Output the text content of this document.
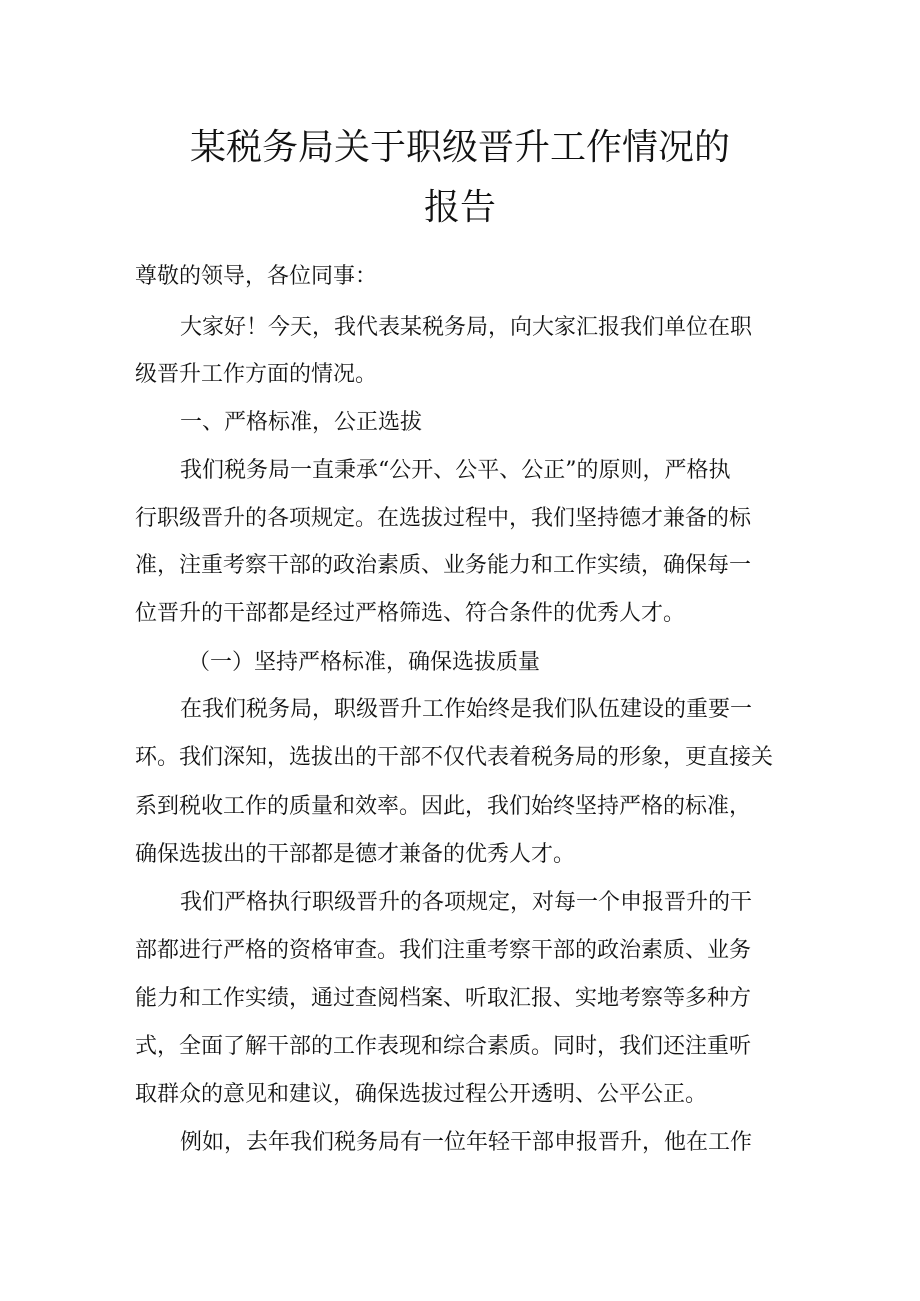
某税务局关于职级晋升工作情况的
报告
尊敬的领导，各位同事：
大家好！今天，我代表某税务局，向大家汇报我们单位在职
级晋升工作方面的情况。
一、严格标准，公正选拔
我们税务局一直秉承“公开、公平、公正”的原则，严格执
行职级晋升的各项规定。在选拔过程中，我们坚持德才兼备的标
准，注重考察干部的政治素质、业务能力和工作实绩，确保每一
位晋升的干部都是经过严格筛选、符合条件的优秀人才。
（一）坚持严格标准，确保选拔质量
在我们税务局，职级晋升工作始终是我们队伍建设的重要一
环。我们深知，选拔出的干部不仅代表着税务局的形象，更直接关
系到税收工作的质量和效率。因此，我们始终坚持严格的标准，
确保选拔出的干部都是德才兼备的优秀人才。
我们严格执行职级晋升的各项规定，对每一个申报晋升的干
部都进行严格的资格审查。我们注重考察干部的政治素质、业务
能力和工作实绩，通过查阅档案、听取汇报、实地考察等多种方
式，全面了解干部的工作表现和综合素质。同时，我们还注重听
取群众的意见和建议，确保选拔过程公开透明、公平公正。
例如，去年我们税务局有一位年轻干部申报晋升，他在工作
